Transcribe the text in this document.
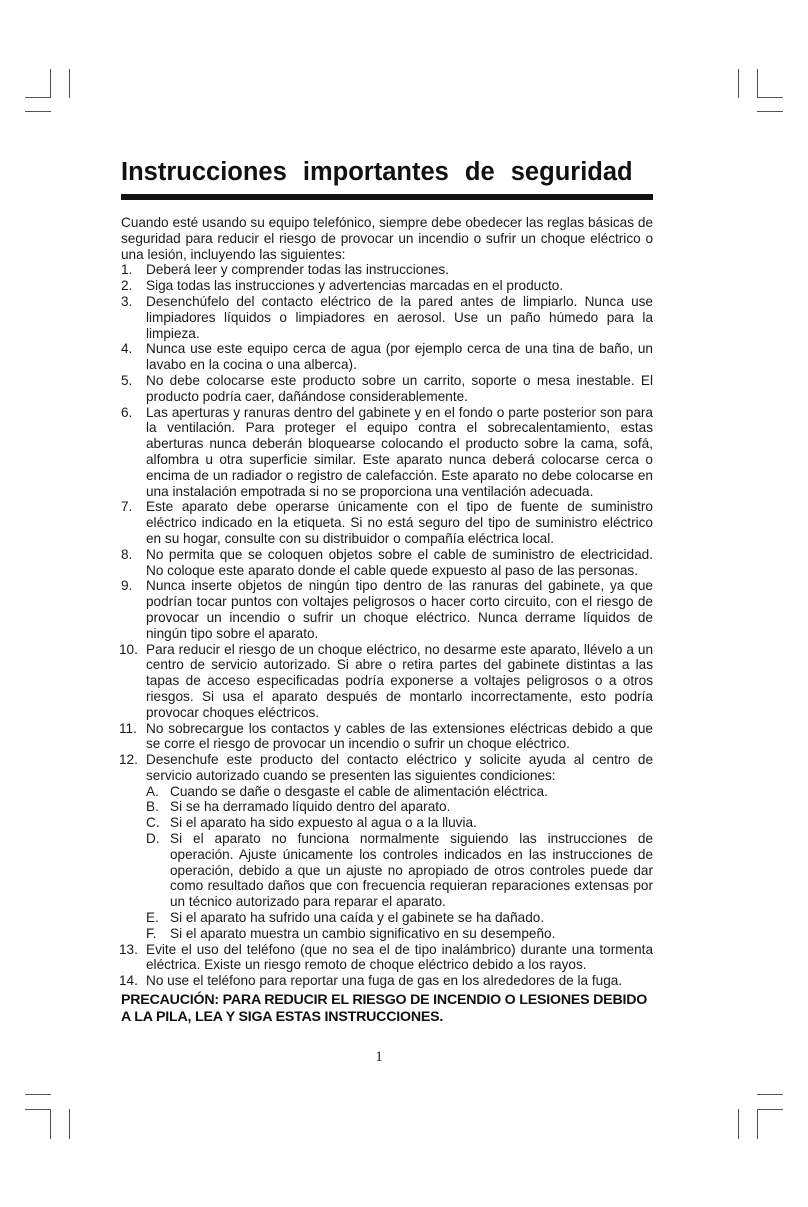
Instrucciones importantes de seguridad

Cuando esté usando su equipo telefónico, siempre debe obedecer las reglas básicas de seguridad para reducir el riesgo de provocar un incendio o sufrir un choque eléctrico o una lesión, incluyendo las siguientes:

1. Deberá leer y comprender todas las instrucciones.
2. Siga todas las instrucciones y advertencias marcadas en el producto.
3. Desenchúfelo del contacto eléctrico de la pared antes de limpiarlo. Nunca use limpiadores líquidos o limpiadores en aerosol. Use un paño húmedo para la limpieza.
4. Nunca use este equipo cerca de agua (por ejemplo cerca de una tina de baño, un lavabo en la cocina o una alberca).
5. No debe colocarse este producto sobre un carrito, soporte o mesa inestable. El producto podría caer, dañándose considerablemente.
6. Las aperturas y ranuras dentro del gabinete y en el fondo o parte posterior son para la ventilación. Para proteger el equipo contra el sobrecalentamiento, estas aberturas nunca deberán bloquearse colocando el producto sobre la cama, sofá, alfombra u otra superficie similar. Este aparato nunca deberá colocarse cerca o encima de un radiador o registro de calefacción. Este aparato no debe colocarse en una instalación empotrada si no se proporciona una ventilación adecuada.
7. Este aparato debe operarse únicamente con el tipo de fuente de suministro eléctrico indicado en la etiqueta. Si no está seguro del tipo de suministro eléctrico en su hogar, consulte con su distribuidor o compañía eléctrica local.
8. No permita que se coloquen objetos sobre el cable de suministro de electricidad. No coloque este aparato donde el cable quede expuesto al paso de las personas.
9. Nunca inserte objetos de ningún tipo dentro de las ranuras del gabinete, ya que podrían tocar puntos con voltajes peligrosos o hacer corto circuito, con el riesgo de provocar un incendio o sufrir un choque eléctrico. Nunca derrame líquidos de ningún tipo sobre el aparato.
10. Para reducir el riesgo de un choque eléctrico, no desarme este aparato, llévelo a un centro de servicio autorizado. Si abre o retira partes del gabinete distintas a las tapas de acceso especificadas podría exponerse a voltajes peligrosos o a otros riesgos. Si usa el aparato después de montarlo incorrectamente, esto podría provocar choques eléctricos.
11. No sobrecargue los contactos y cables de las extensiones eléctricas debido a que se corre el riesgo de provocar un incendio o sufrir un choque eléctrico.
12. Desenchufe este producto del contacto eléctrico y solicite ayuda al centro de servicio autorizado cuando se presenten las siguientes condiciones:
A. Cuando se dañe o desgaste el cable de alimentación eléctrica.
B. Si se ha derramado líquido dentro del aparato.
C. Si el aparato ha sido expuesto al agua o a la lluvia.
D. Si el aparato no funciona normalmente siguiendo las instrucciones de operación. Ajuste únicamente los controles indicados en las instrucciones de operación, debido a que un ajuste no apropiado de otros controles puede dar como resultado daños que con frecuencia requieran reparaciones extensas por un técnico autorizado para reparar el aparato.
E. Si el aparato ha sufrido una caída y el gabinete se ha dañado.
F. Si el aparato muestra un cambio significativo en su desempeño.
13. Evite el uso del teléfono (que no sea el de tipo inalámbrico) durante una tormenta eléctrica. Existe un riesgo remoto de choque eléctrico debido a los rayos.
14. No use el teléfono para reportar una fuga de gas en los alrededores de la fuga.
PRECAUCIÓN: PARA REDUCIR EL RIESGO DE INCENDIO O LESIONES DEBIDO A LA PILA, LEA Y SIGA ESTAS INSTRUCCIONES.
1
